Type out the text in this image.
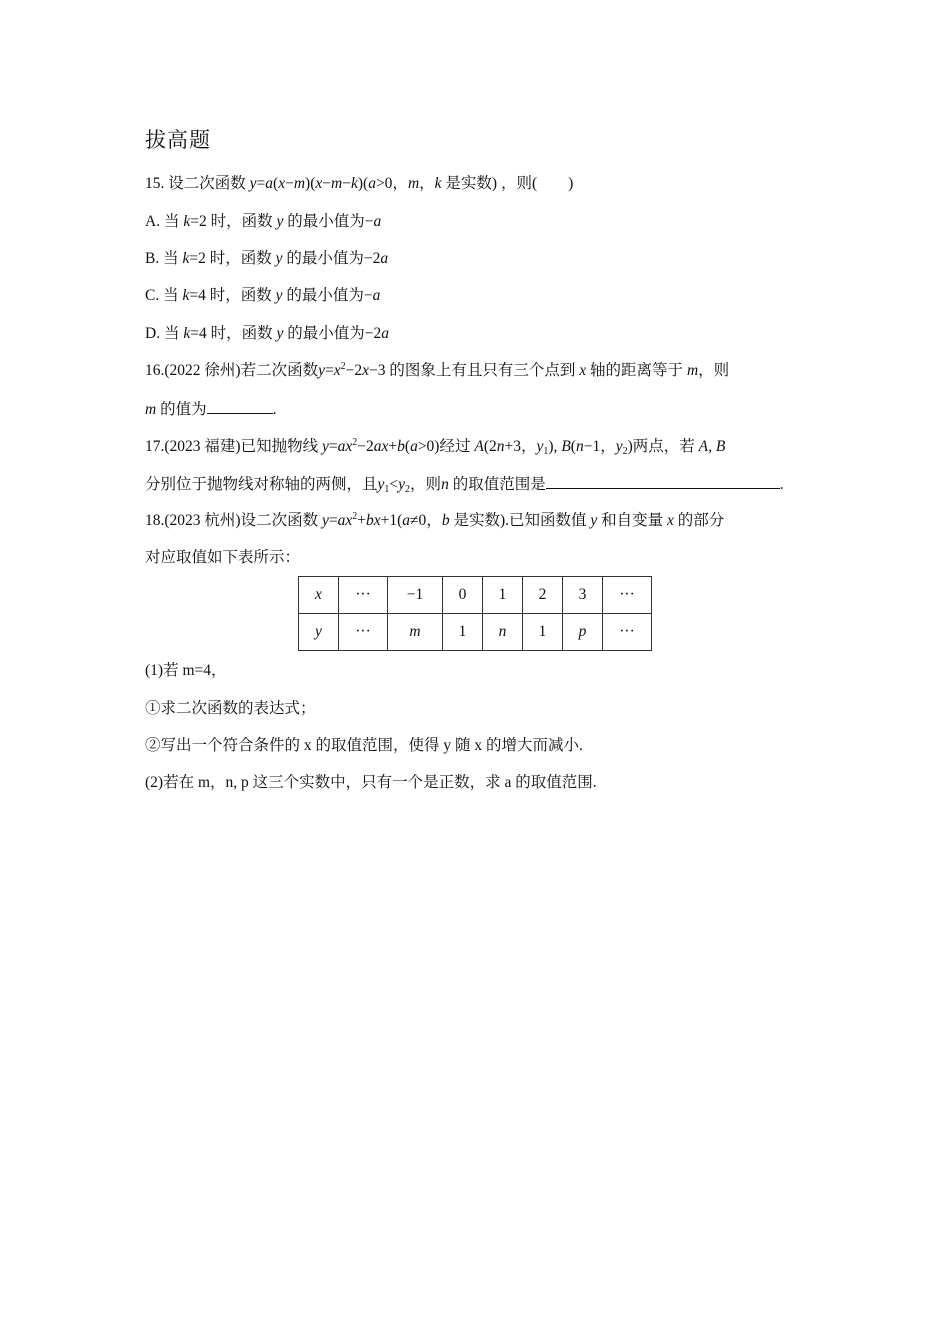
拔高题
15. 设二次函数 y=a(x−m)(x−m−k)(a>0，m，k 是实数) ，则(　　)
A. 当 k=2 时，函数 y 的最小值为−a
B. 当 k=2 时，函数 y 的最小值为−2a
C. 当 k=4 时，函数 y 的最小值为−a
D. 当 k=4 时，函数 y 的最小值为−2a
16.(2022 徐州)若二次函数$y=x^2-2x-3$ 的图象上有且只有三个点到 x 轴的距离等于 m，则
m 的值为	.
17.(2023 福建)已知抛物线 $y=ax^2-2ax+b(a>0)$经过 A(2n+3，$y_1$), B(n−1，$y_2$)两点，若 A, B
分别位于抛物线对称轴的两侧，且$y_1<y_2$，则n 的取值范围是	.
18.(2023 杭州)设二次函数 $y=ax^2+bx+1(a\ne 0$，b 是实数).已知函数值 y 和自变量 x 的部分
对应取值如下表所示：
x	···	−1	0	1	2	3	···
y	···	m	1	n	1	p	···
(1)若 m=4，
①求二次函数的表达式；
②写出一个符合条件的 x 的取值范围，使得 y 随 x 的增大而减小.
(2)若在 m，n, p 这三个实数中，只有一个是正数，求 a 的取值范围.
